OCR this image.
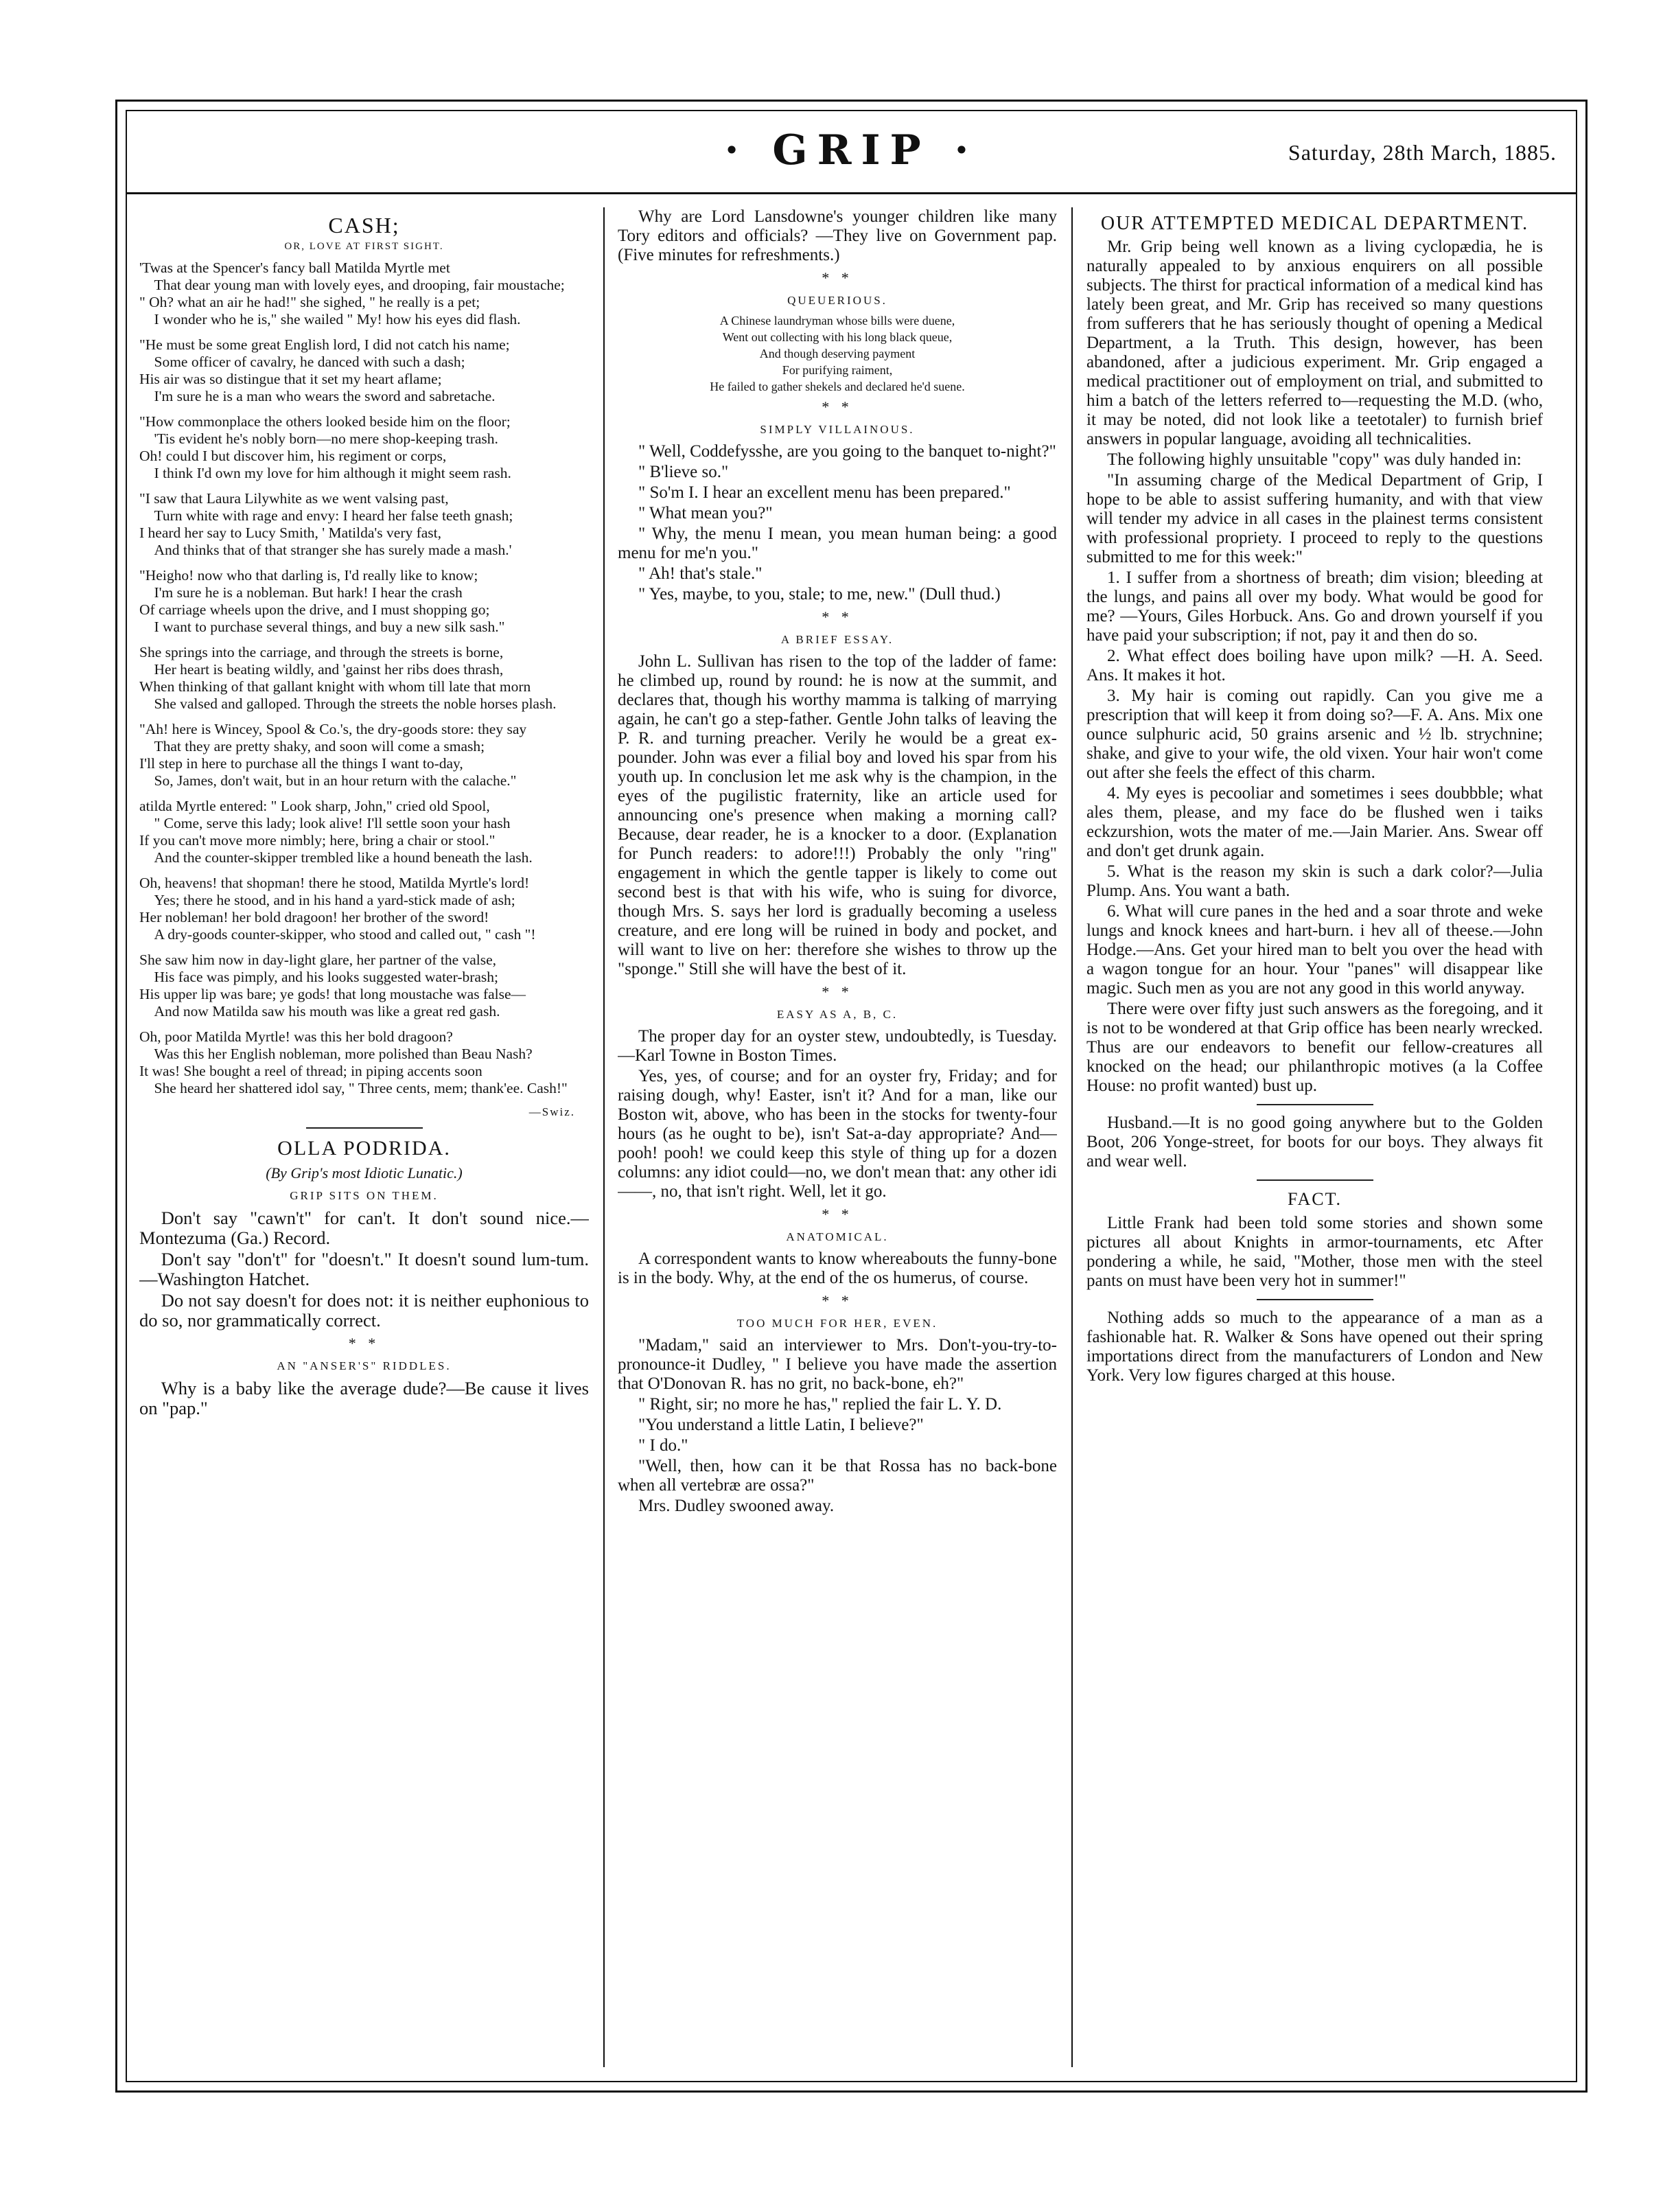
· GRIP ·	Saturday, 28th March, 1885.
CASH;
OR, LOVE AT FIRST SIGHT.
'Twas at the Spencer's fancy ball Matilda Myrtle met
That dear young man with lovely eyes, and drooping, fair moustache;
" Oh? what an air he had!" she sighed, " he really is a pet;
I wonder who he is," she wailed " My! how his eyes did flash.
"He must be some great English lord, I did not catch his name;
Some officer of cavalry, he danced with such a dash;
His air was so distingue that it set my heart aflame;
I'm sure he is a man who wears the sword and sabretache.
"How commonplace the others looked beside him on the floor;
'Tis evident he's nobly born—no mere shop-keeping trash.
Oh! could I but discover him, his regiment or corps,
I think I'd own my love for him although it might seem rash.
"I saw that Laura Lilywhite as we went valsing past,
Turn white with rage and envy: I heard her false teeth gnash;
I heard her say to Lucy Smith, ' Matilda's very fast,
And thinks that of that stranger she has surely made a mash.'
"Heigho! now who that darling is, I'd really like to know;
I'm sure he is a nobleman. But hark! I hear the crash
Of carriage wheels upon the drive, and I must shopping go;
I want to purchase several things, and buy a new silk sash."
She springs into the carriage, and through the streets is borne,
Her heart is beating wildly, and 'gainst her ribs does thrash,
When thinking of that gallant knight with whom till late that morn
She valsed and galloped. Through the streets the noble horses plash.
"Ah! here is Wincey, Spool & Co.'s, the dry-goods store: they say
That they are pretty shaky, and soon will come a smash;
I'll step in here to purchase all the things I want to-day,
So, James, don't wait, but in an hour return with the calache."
atilda Myrtle entered: " Look sharp, John," cried old Spool,
" Come, serve this lady; look alive! I'll settle soon your hash
If you can't move more nimbly; here, bring a chair or stool."
And the counter-skipper trembled like a hound beneath the lash.
Oh, heavens! that shopman! there he stood, Matilda Myrtle's lord!
Yes; there he stood, and in his hand a yard-stick made of ash;
Her nobleman! her bold dragoon! her brother of the sword!
A dry-goods counter-skipper, who stood and called out, " cash "!
She saw him now in day-light glare, her partner of the valse,
His face was pimply, and his looks suggested water-brash;
His upper lip was bare; ye gods! that long moustache was false—
And now Matilda saw his mouth was like a great red gash.
Oh, poor Matilda Myrtle! was this her bold dragoon?
Was this her English nobleman, more polished than Beau Nash?
It was! She bought a reel of thread; in piping accents soon
She heard her shattered idol say, " Three cents, mem; thank'ee. Cash!"
—Swiz.
OLLA PODRIDA.
(By Grip's most Idiotic Lunatic.)
GRIP SITS ON THEM.

Don't say "cawn't" for can't. It don't sound nice.—Montezuma (Ga.) Record.

Don't say "don't" for "doesn't." It doesn't sound lum-tum.—Washington Hatchet.

Do not say doesn't for does not: it is neither euphonious to do so, nor grammatically correct.

* *
AN "ANSER'S" RIDDLES.

Why is a baby like the average dude?—Be cause it lives on "pap."

Why are Lord Lansdowne's younger children like many Tory editors and officials? —They live on Government pap. (Five minutes for refreshments.)

* *
QUEUERIOUS.

A Chinese laundryman whose bills were duene,

Went out collecting with his long black queue,

And though deserving payment

For purifying raiment,

He failed to gather shekels and declared he'd suene.

* *
SIMPLY VILLAINOUS.

" Well, Coddefysshe, are you going to the banquet to-night?"

" B'lieve so."

" So'm I. I hear an excellent menu has been prepared."

" What mean you?"

" Why, the menu I mean, you mean human being: a good menu for me'n you."

" Ah! that's stale."

" Yes, maybe, to you, stale; to me, new." (Dull thud.)

* *
A BRIEF ESSAY.

John L. Sullivan has risen to the top of the ladder of fame: he climbed up, round by round: he is now at the summit, and declares that, though his worthy mamma is talking of marrying again, he can't go a step-father. Gentle John talks of leaving the P. R. and turning preacher. Verily he would be a great ex-pounder. John was ever a filial boy and loved his spar from his youth up. In conclusion let me ask why is the champion, in the eyes of the pugilistic fraternity, like an article used for announcing one's presence when making a morning call? Because, dear reader, he is a knocker to a door. (Explanation for Punch readers: to adore!!!) Probably the only "ring" engagement in which the gentle tapper is likely to come out second best is that with his wife, who is suing for divorce, though Mrs. S. says her lord is gradually becoming a useless creature, and ere long will be ruined in body and pocket, and will want to live on her: therefore she wishes to throw up the "sponge." Still she will have the best of it.

* *
EASY AS A, B, C.

The proper day for an oyster stew, undoubtedly, is Tuesday.—Karl Towne in Boston Times.

Yes, yes, of course; and for an oyster fry, Friday; and for raising dough, why! Easter, isn't it? And for a man, like our Boston wit, above, who has been in the stocks for twenty-four hours (as he ought to be), isn't Sat-a-day appropriate? And—pooh! pooh! we could keep this style of thing up for a dozen columns: any idiot could—no, we don't mean that: any other idi——, no, that isn't right. Well, let it go.

* *
ANATOMICAL.

A correspondent wants to know whereabouts the funny-bone is in the body. Why, at the end of the os humerus, of course.

* *
TOO MUCH FOR HER, EVEN.

"Madam," said an interviewer to Mrs. Don't-you-try-to-pronounce-it Dudley, " I believe you have made the assertion that O'Donovan R. has no grit, no back-bone, eh?"

" Right, sir; no more he has," replied the fair L. Y. D.

"You understand a little Latin, I believe?"

" I do."

"Well, then, how can it be that Rossa has no back-bone when all vertebræ are ossa?"

Mrs. Dudley swooned away.

OUR ATTEMPTED MEDICAL DEPARTMENT.

Mr. Grip being well known as a living cyclopædia, he is naturally appealed to by anxious enquirers on all possible subjects. The thirst for practical information of a medical kind has lately been great, and Mr. Grip has received so many questions from sufferers that he has seriously thought of opening a Medical Department, a la Truth. This design, however, has been abandoned, after a judicious experiment. Mr. Grip engaged a medical practitioner out of employment on trial, and submitted to him a batch of the letters referred to—requesting the M.D. (who, it may be noted, did not look like a teetotaler) to furnish brief answers in popular language, avoiding all technicalities.

The following highly unsuitable "copy" was duly handed in:

"In assuming charge of the Medical Department of Grip, I hope to be able to assist suffering humanity, and with that view will tender my advice in all cases in the plainest terms consistent with professional propriety. I proceed to reply to the questions submitted to me for this week:"

1. I suffer from a shortness of breath; dim vision; bleeding at the lungs, and pains all over my body. What would be good for me? —Yours, Giles Horbuck. Ans. Go and drown yourself if you have paid your subscription; if not, pay it and then do so.

2. What effect does boiling have upon milk? —H. A. Seed. Ans. It makes it hot.

3. My hair is coming out rapidly. Can you give me a prescription that will keep it from doing so?—F. A. Ans. Mix one ounce sulphuric acid, 50 grains arsenic and ½ lb. strychnine; shake, and give to your wife, the old vixen. Your hair won't come out after she feels the effect of this charm.

4. My eyes is pecooliar and sometimes i sees doubbble; what ales them, please, and my face do be flushed wen i taiks eckzurshion, wots the mater of me.—Jain Marier. Ans. Swear off and don't get drunk again.

5. What is the reason my skin is such a dark color?—Julia Plump. Ans. You want a bath.

6. What will cure panes in the hed and a soar throte and weke lungs and knock knees and hart-burn. i hev all of theese.—John Hodge.—Ans. Get your hired man to belt you over the head with a wagon tongue for an hour. Your "panes" will disappear like magic. Such men as you are not any good in this world anyway.

There were over fifty just such answers as the foregoing, and it is not to be wondered at that Grip office has been nearly wrecked. Thus are our endeavors to benefit our fellow-creatures all knocked on the head; our philanthropic motives (a la Coffee House: no profit wanted) bust up.

Husband.—It is no good going anywhere but to the Golden Boot, 206 Yonge-street, for boots for our boys. They always fit and wear well.

FACT.

Little Frank had been told some stories and shown some pictures all about Knights in armor-tournaments, etc After pondering a while, he said, "Mother, those men with the steel pants on must have been very hot in summer!"

Nothing adds so much to the appearance of a man as a fashionable hat. R. Walker & Sons have opened out their spring importations direct from the manufacturers of London and New York. Very low figures charged at this house.
